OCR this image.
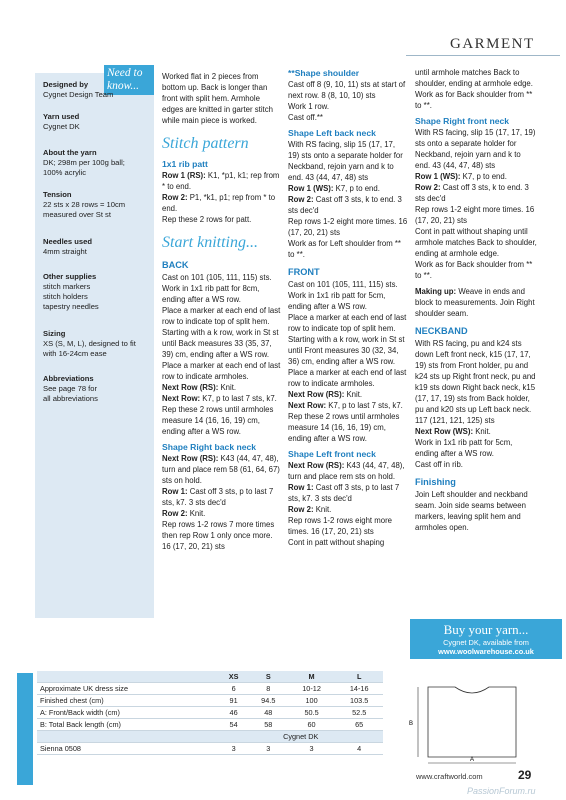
GARMENT
Need to know...
Designed by
Cygnet Design Team
Yarn used
Cygnet DK
About the yarn
DK; 298m per 100g ball;
100% acrylic
Tension
22 sts x 28 rows = 10cm
measured over St st
Needles used
4mm straight
Other supplies
stitch markers
stitch holders
tapestry needles
Sizing
XS (S, M, L), designed to fit
with 16-24cm ease
Abbreviations
See page 78 for
all abbreviations

Worked flat in 2 pieces from bottom up. Back is longer than front with split hem. Armhole edges are knitted in garter stitch while main piece is worked.

Stitch pattern
1x1 rib patt

Row 1 (RS): K1, *p1, k1; rep from * to end.

Row 2: P1, *k1, p1; rep from * to end.

Rep these 2 rows for patt.

Start knitting...
BACK

Cast on 101 (105, 111, 115) sts.

Work in 1x1 rib patt for 8cm, ending after a WS row.

Place a marker at each end of last row to indicate top of split hem.

Starting with a k row, work in St st until Back measures 33 (35, 37, 39) cm, ending after a WS row.

Place a marker at each end of last row to indicate armholes.

Next Row (RS): Knit.

Next Row: K7, p to last 7 sts, k7.

Rep these 2 rows until armholes measure 14 (16, 16, 19) cm, ending after a WS row.

Shape Right back neck

Next Row (RS): K43 (44, 47, 48), turn and place rem 58 (61, 64, 67) sts on hold.

Row 1: Cast off 3 sts, p to last 7 sts, k7. 3 sts dec'd

Row 2: Knit.

Rep rows 1-2 rows 7 more times then rep Row 1 only once more. 16 (17, 20, 21) sts

**Shape shoulder

Cast off 8 (9, 10, 11) sts at start of next row. 8 (8, 10, 10) sts

Work 1 row.

Cast off.**

Shape Left back neck

With RS facing, slip 15 (17, 17, 19) sts onto a separate holder for Neckband, rejoin yarn and k to end. 43 (44, 47, 48) sts

Row 1 (WS): K7, p to end.

Row 2: Cast off 3 sts, k to end. 3 sts dec'd

Rep rows 1-2 eight more times. 16 (17, 20, 21) sts

Work as for Left shoulder from ** to **.

FRONT

Cast on 101 (105, 111, 115) sts.

Work in 1x1 rib patt for 5cm, ending after a WS row.

Place a marker at each end of last row to indicate top of split hem.

Starting with a k row, work in St st until Front measures 30 (32, 34, 36) cm, ending after a WS row.

Place a marker at each end of last row to indicate armholes.

Next Row (RS): Knit.

Next Row: K7, p to last 7 sts, k7.

Rep these 2 rows until armholes measure 14 (16, 16, 19) cm, ending after a WS row.

Shape Left front neck

Next Row (RS): K43 (44, 47, 48), turn and place rem sts on hold.

Row 1: Cast off 3 sts, p to last 7 sts, k7. 3 sts dec'd

Row 2: Knit.

Rep rows 1-2 rows eight more times. 16 (17, 20, 21) sts

Cont in patt without shaping

until armhole matches Back to shoulder, ending at armhole edge.

Work as for Back shoulder from ** to **.

Shape Right front neck

With RS facing, slip 15 (17, 17, 19) sts onto a separate holder for Neckband, rejoin yarn and k to end. 43 (44, 47, 48) sts

Row 1 (WS): K7, p to end.

Row 2: Cast off 3 sts, k to end. 3 sts dec'd

Rep rows 1-2 eight more times. 16 (17, 20, 21) sts

Cont in patt without shaping until armhole matches Back to shoulder, ending at armhole edge.

Work as for Back shoulder from ** to **.

Making up: Weave in ends and block to measurements. Join Right shoulder seam.

NECKBAND

With RS facing, pu and k24 sts down Left front neck, k15 (17, 17, 19) sts from Front holder, pu and k24 sts up Right front neck, pu and k19 sts down Right back neck, k15 (17, 17, 19) sts from Back holder, pu and k20 sts up Left back neck. 117 (121, 121, 125) sts

Next Row (WS): Knit.

Work in 1x1 rib patt for 5cm, ending after a WS row.

Cast off in rib.

Finishing

Join Left shoulder and neckband seam. Join side seams between markers, leaving split hem and armholes open.

Buy your yarn...
Cygnet DK, available from
www.woolwarehouse.co.uk
Find your size
	XS	S	M	L
Approximate UK dress size	6	8	10-12	14-16
Finished chest (cm)	91	94.5	100	103.5
A: Front/Back width (cm)	46	48	50.5	52.5
B: Total Back length (cm)	54	58	60	65
	Cygnet DK			
Sienna 0508	3	3	3	4
B
A
www.craftworld.com	29
PassionForum.ru
